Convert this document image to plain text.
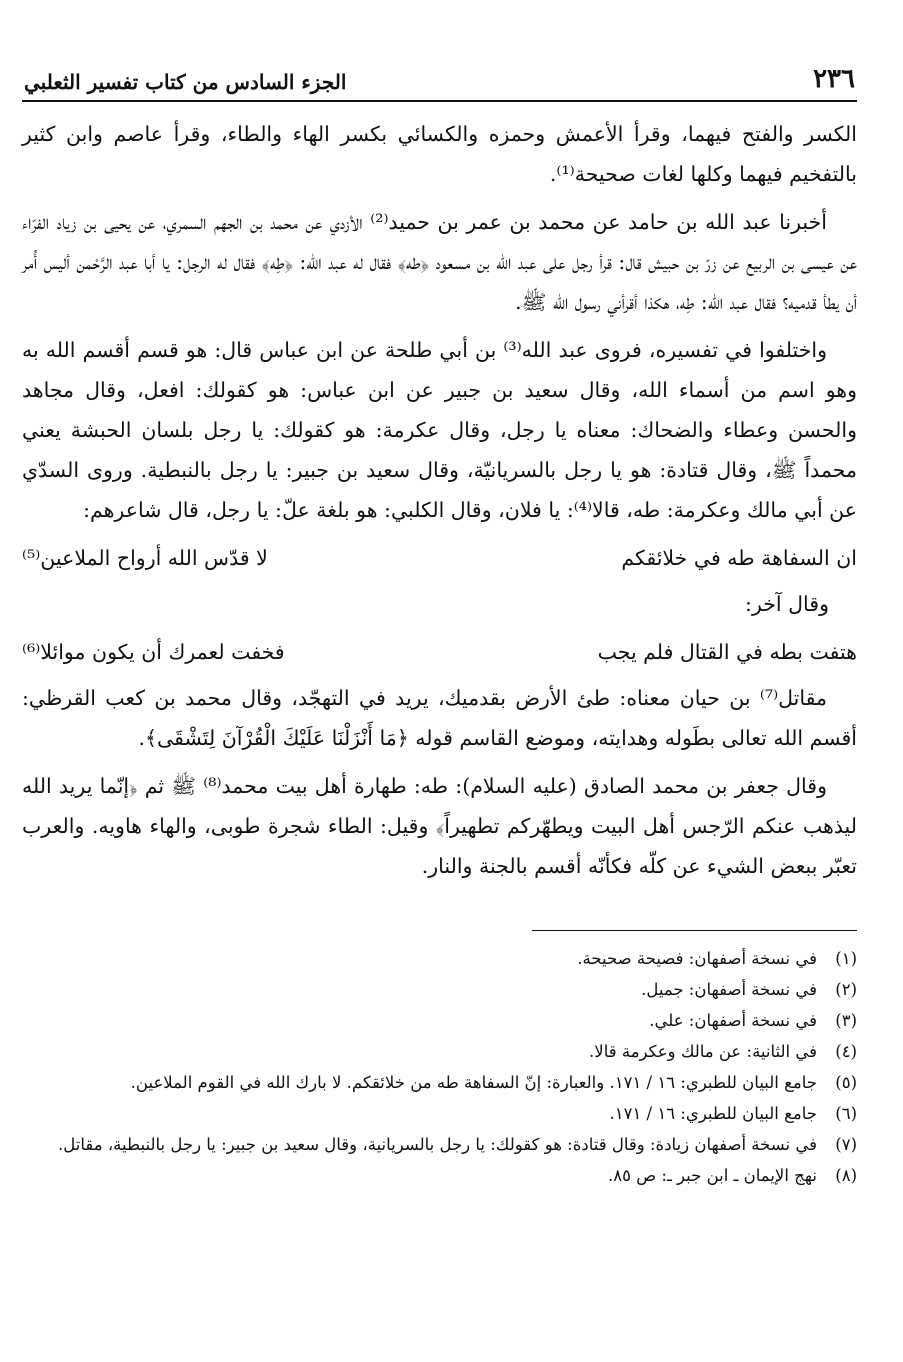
٢٣٦
الجزء السادس من كتاب تفسير الثعلبي

الكسر والفتح فيهما، وقرأ الأعمش وحمزه والكسائي بكسر الهاء والطاء، وقرأ عاصم وابن كثير بالتفخيم فيهما وكلها لغات صحيحة⁽¹⁾.

أخبرنا عبد الله بن حامد عن محمد بن عمر بن حميد⁽²⁾ الأزدي عن محمد بن الجهم السمري، عن يحيى بن زياد الفرّاء عن عيسى بن الربيع عن زرّ بن حبيش قال: قرأ رجل على عبد الله بن مسعود ﴿طه﴾ فقال له عبد الله: ﴿طِه﴾ فقال له الرجل: يا أبا عبد الرَّحْمن أليس أُمر أن يطأ قدميه؟ فقال عبد الله: طِه، هكذا أقرأني رسول الله ﷺ.

واختلفوا في تفسيره، فروى عبد الله⁽³⁾ بن أبي طلحة عن ابن عباس قال: هو قسم أقسم الله به وهو اسم من أسماء الله، وقال سعيد بن جبير عن ابن عباس: هو كقولك: افعل، وقال مجاهد والحسن وعطاء والضحاك: معناه يا رجل، وقال عكرمة: هو كقولك: يا رجل بلسان الحبشة يعني محمداً ﷺ، وقال قتادة: هو يا رجل بالسريانيّة، وقال سعيد بن جبير: يا رجل بالنبطية. وروى السدّي عن أبي مالك وعكرمة: طه، قالا⁽⁴⁾: يا فلان، وقال الكلبي: هو بلغة علّ: يا رجل، قال شاعرهم:

ان السفاهة طه في خلائقكم
لا قدّس الله أرواح الملاعين⁽⁵⁾
وقال آخر:
هتفت بطه في القتال فلم يجب
فخفت لعمرك أن يكون موائلا⁽⁶⁾

مقاتل⁽⁷⁾ بن حيان معناه: طئ الأرض بقدميك، يريد في التهجّد، وقال محمد بن كعب القرظي: أقسم الله تعالى بطَوله وهدايته، وموضع القاسم قوله ﴿مَا أَنْزَلْنَا عَلَيْكَ الْقُرْآنَ لِتَشْقَى﴾.

وقال جعفر بن محمد الصادق (عليه السلام): طه: طهارة أهل بيت محمد⁽⁸⁾ ﷺ ثم ﴿إنّما يريد الله ليذهب عنكم الرّجس أهل البيت ويطهّركم تطهيراً﴾ وقيل: الطاء شجرة طوبى، والهاء هاويه. والعرب تعبّر ببعض الشيء عن كلّه فكأنّه أقسم بالجنة والنار.

(١)
في نسخة أصفهان: فصيحة صحيحة.
(٢)
في نسخة أصفهان: جميل.
(٣)
في نسخة أصفهان: علي.
(٤)
في الثانية: عن مالك وعكرمة قالا.
(٥)
جامع البيان للطبري: ١٦ / ١٧١. والعبارة: إنّ السفاهة طه من خلائقكم. لا بارك الله في القوم الملاعين.
(٦)
جامع البيان للطبري: ١٦ / ١٧١.
(٧)
في نسخة أصفهان زيادة: وقال قتادة: هو كقولك: يا رجل بالسريانية، وقال سعيد بن جبير: يا رجل بالنبطية، مقاتل.
(٨)
نهج الإيمان ـ ابن جبر ـ: ص ٨٥.
